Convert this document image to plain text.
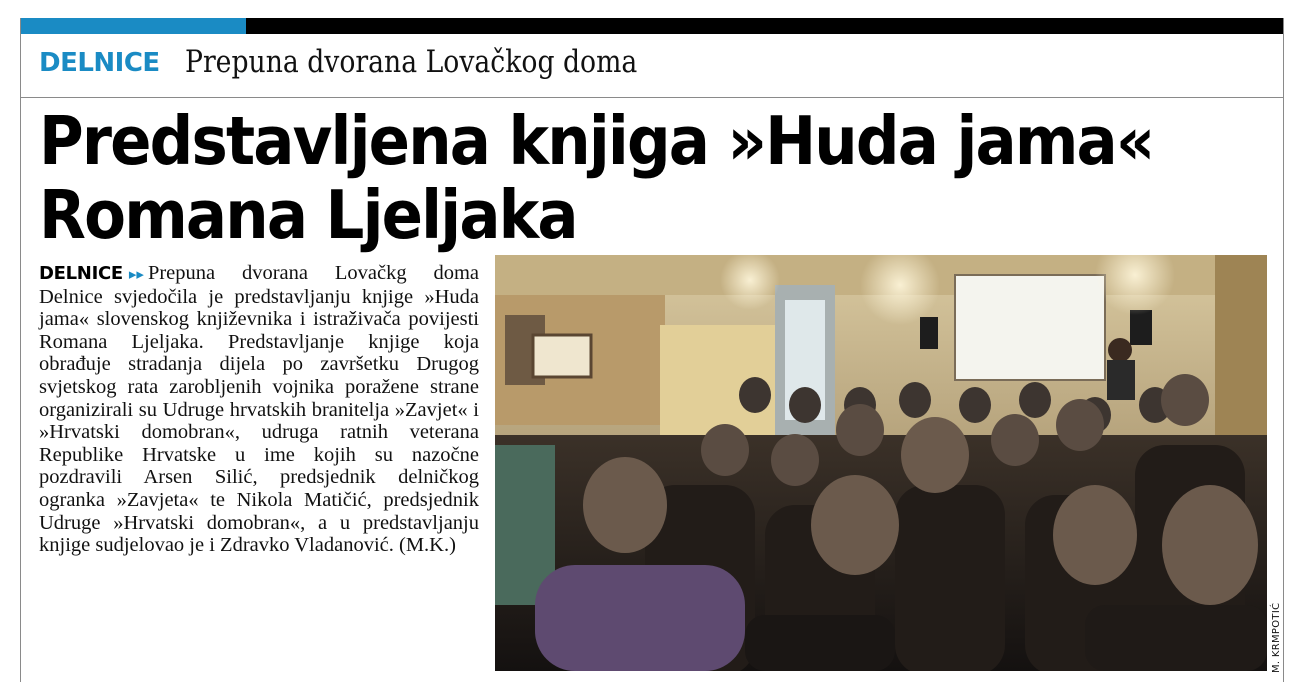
DELNICE Prepuna dvorana Lovačkog doma
Predstavljena knjiga »Huda jama«
Romana Ljeljaka
DELNICE ▸▸ Prepuna dvorana Lovačkg doma Delnice svjedočila je predstavljanju knjige »Huda jama« slovenskog književnika i istraživača povijesti Romana Ljeljaka. Predstavljanje knjige koja obrađuje stradanja dijela po završetku Drugog svjetskog rata zarobljenih vojnika poražene strane organizirali su Udruge hrvatskih branitelja »Zavjet« i »Hrvatski domobran«, udruga ratnih veterana Republike Hrvatske u ime kojih su nazočne pozdravili Arsen Silić, predsjednik delničkog ogranka »Zavjeta« te Nikola Matičić, predsjednik Udruge »Hrvatski domobran«, a u predstavljanju knjige sudjelovao je i Zdravko Vladanović. (M.K.)
M. KRMPOTIĆ
